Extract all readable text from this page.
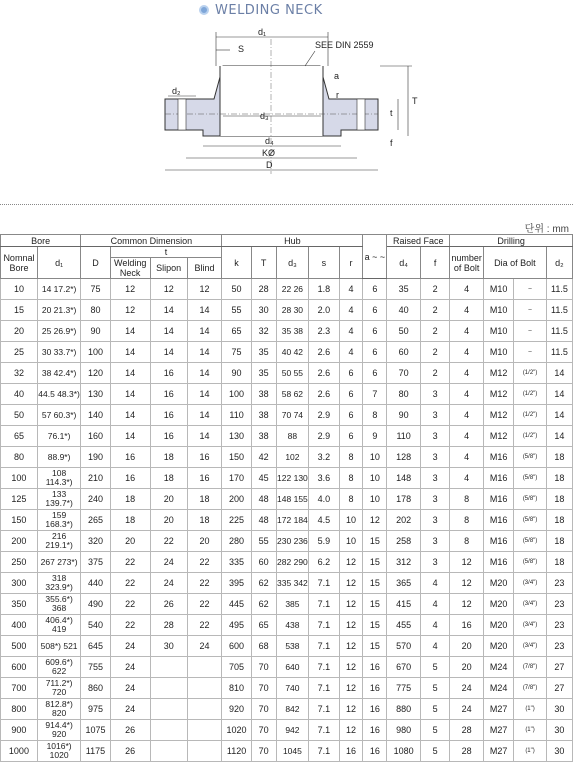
WELDING NECK
d₁
S	SEE DIN 2559
d₂
d₃
a
r
T
t
f
d₄
KØ
D
단위 : mm
Bore		Common Dimension				Hub					a ~ ~	Raised Face		Drilling			
Nomnal Bore	d₁	D	t			k	T	d₃	s	r		d₄	f	number of Bolt	Dia of Bolt		d₂
			Welding Neck	Slipon	Blind												
10	14 17.2*)	75	12	12	12	50	28	22 26	1.8	4	6	35	2	4	M10	–	11.5
15	20 21.3*)	80	12	14	14	55	30	28 30	2.0	4	6	40	2	4	M10	–	11.5
20	25 26.9*)	90	14	14	14	65	32	35 38	2.3	4	6	50	2	4	M10	–	11.5
25	30 33.7*)	100	14	14	14	75	35	40 42	2.6	4	6	60	2	4	M10	–	11.5
32	38 42.4*)	120	14	16	14	90	35	50 55	2.6	6	6	70	2	4	M12	(1/2")	14
40	44.5 48.3*)	130	14	16	14	100	38	58 62	2.6	6	7	80	3	4	M12	(1/2")	14
50	57 60.3*)	140	14	16	14	110	38	70 74	2.9	6	8	90	3	4	M12	(1/2")	14
65	76.1*)	160	14	16	14	130	38	88	2.9	6	9	110	3	4	M12	(1/2")	14
80	88.9*)	190	16	18	16	150	42	102	3.2	8	10	128	3	4	M16	(5/8")	18
100	108 114.3*)	210	16	18	16	170	45	122 130	3.6	8	10	148	3	4	M16	(5/8")	18
125	133 139.7*)	240	18	20	18	200	48	148 155	4.0	8	10	178	3	8	M16	(5/8")	18
150	159 168.3*)	265	18	20	18	225	48	172 184	4.5	10	12	202	3	8	M16	(5/8")	18
200	216 219.1*)	320	20	22	20	280	55	230 236	5.9	10	15	258	3	8	M16	(5/8")	18
250	267 273*)	375	22	24	22	335	60	282 290	6.2	12	15	312	3	12	M16	(5/8")	18
300	318 323.9*)	440	22	24	22	395	62	335 342	7.1	12	15	365	4	12	M20	(3/4")	23
350	355.6*) 368	490	22	26	22	445	62	385	7.1	12	15	415	4	12	M20	(3/4")	23
400	406.4*) 419	540	22	28	22	495	65	438	7.1	12	15	455	4	16	M20	(3/4")	23
500	508*) 521	645	24	30	24	600	68	538	7.1	12	15	570	4	20	M20	(3/4")	23
600	609.6*) 622	755	24			705	70	640	7.1	12	16	670	5	20	M24	(7/8")	27
700	711.2*) 720	860	24			810	70	740	7.1	12	16	775	5	24	M24	(7/8")	27
800	812.8*) 820	975	24			920	70	842	7.1	12	16	880	5	24	M27	(1")	30
900	914.4*) 920	1075	26			1020	70	942	7.1	12	16	980	5	28	M27	(1")	30
1000	1016*) 1020	1175	26			1120	70	1045	7.1	16	16	1080	5	28	M27	(1")	30
